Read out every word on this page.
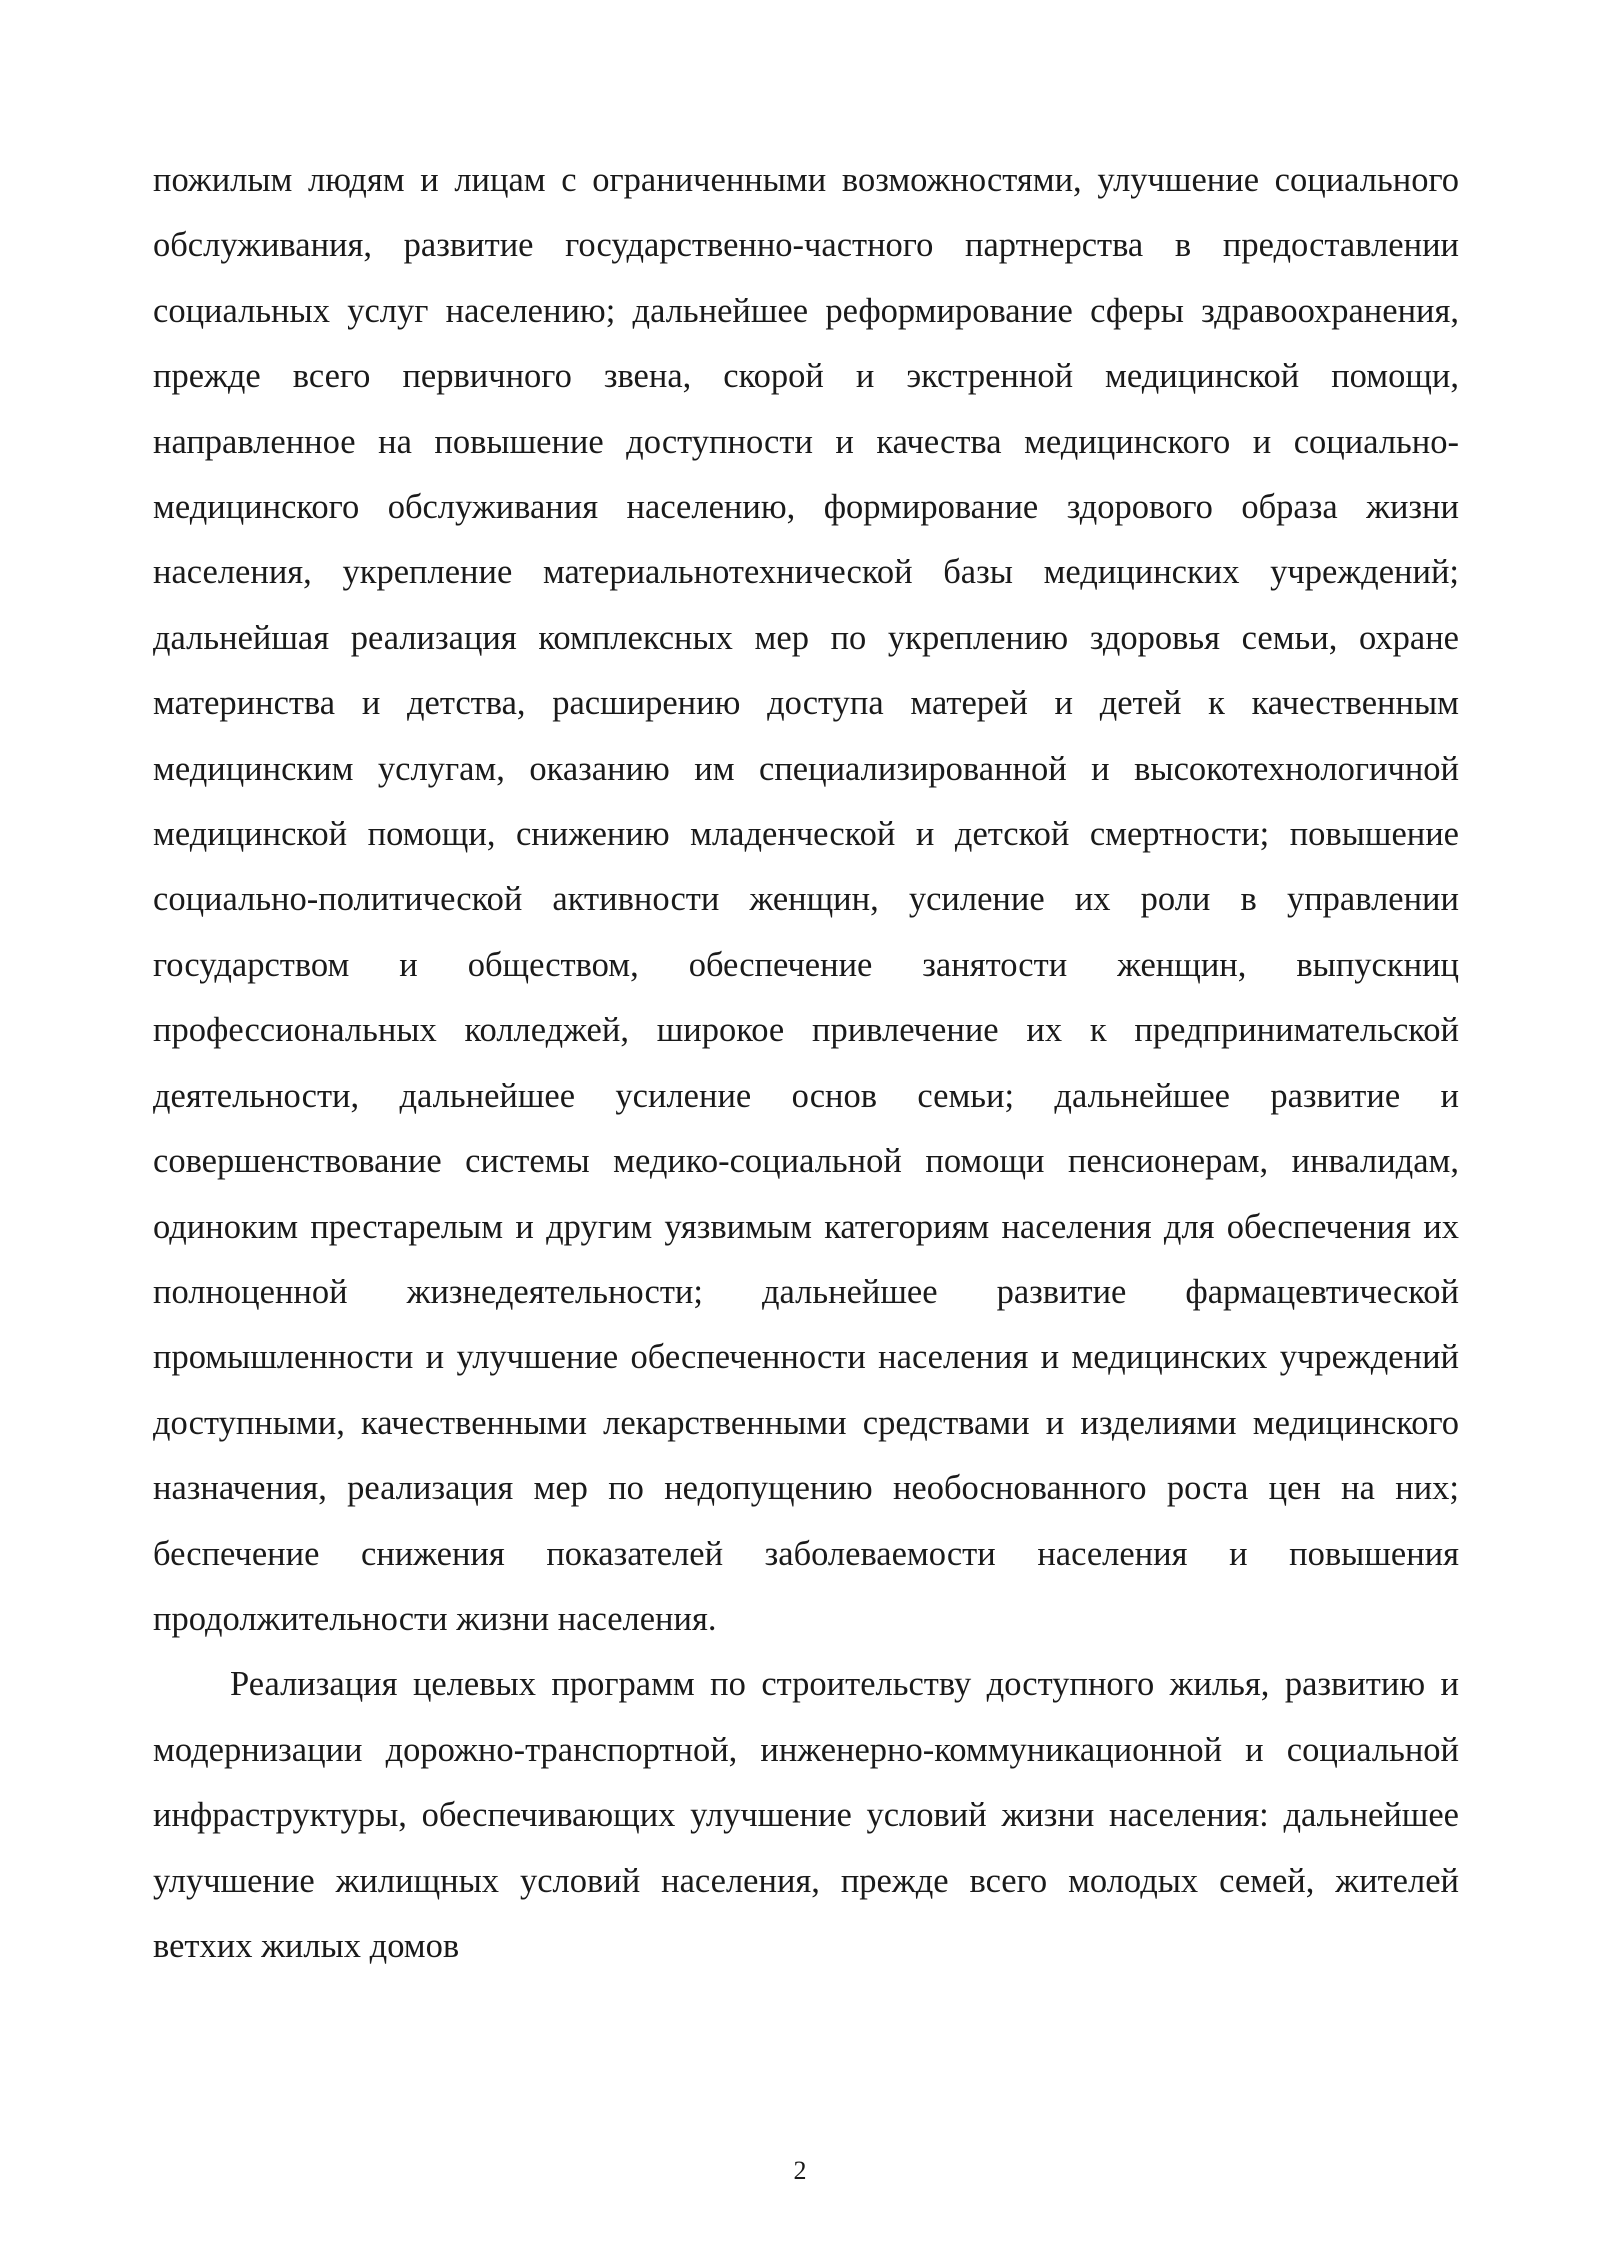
пожилым людям и лицам с ограниченными возможностями, улучшение социального обслуживания, развитие государственно-частного партнерства в предоставлении социальных услуг населению; дальнейшее реформирование сферы здравоохранения, прежде всего первичного звена, скорой и экстренной медицинской помощи, направленное на повышение доступности и качества медицинского и социально-медицинского обслуживания населению, формирование здорового образа жизни населения, укрепление материальнотехнической базы медицинских учреждений; дальнейшая реализация комплексных мер по укреплению здоровья семьи, охране материнства и детства, расширению доступа матерей и детей к качественным медицинским услугам, оказанию им специализированной и высокотехнологичной медицинской помощи, снижению младенческой и детской смертности; повышение социально-политической активности женщин, усиление их роли в управлении государством и обществом, обеспечение занятости женщин, выпускниц профессиональных колледжей, широкое привлечение их к предпринимательской деятельности, дальнейшее усиление основ семьи; дальнейшее развитие и совершенствование системы медико-социальной помощи пенсионерам, инвалидам, одиноким престарелым и другим уязвимым категориям населения для обеспечения их полноценной жизнедеятельности; дальнейшее развитие фармацевтической промышленности и улучшение обеспеченности населения и медицинских учреждений доступными, качественными лекарственными средствами и изделиями медицинского назначения, реализация мер по недопущению необоснованного роста цен на них; беспечение снижения показателей заболеваемости населения и повышения продолжительности жизни населения.

Реализация целевых программ по строительству доступного жилья, развитию и модернизации дорожно-транспортной, инженерно-коммуникационной и социальной инфраструктуры, обеспечивающих улучшение условий жизни населения: дальнейшее улучшение жилищных условий населения, прежде всего молодых семей, жителей ветхих жилых домов

2
